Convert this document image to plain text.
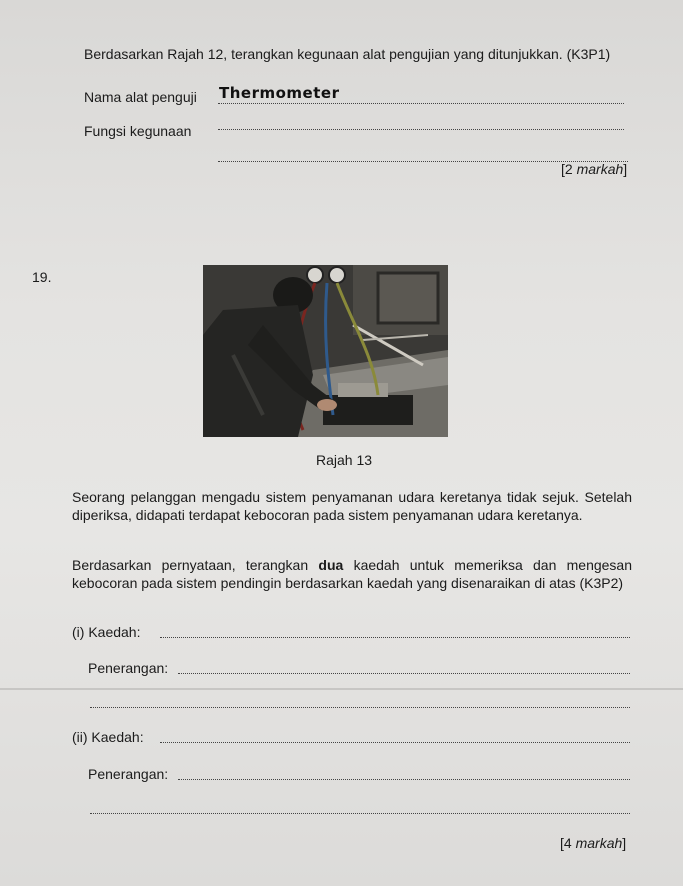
Berdasarkan Rajah 12, terangkan kegunaan alat pengujian yang ditunjukkan. (K3P1)
Nama alat penguji Thermometer
Fungsi kegunaan
[2 markah]
19.
Rajah 13
Seorang pelanggan mengadu sistem penyamanan udara keretanya tidak sejuk. Setelah diperiksa, didapati terdapat kebocoran pada sistem penyamanan udara keretanya.
Berdasarkan pernyataan, terangkan dua kaedah untuk memeriksa dan mengesan kebocoran pada sistem pendingin berdasarkan kaedah yang disenaraikan di atas (K3P2)
(i) Kaedah:
Penerangan:
(ii) Kaedah:
Penerangan:
[4 markah]
